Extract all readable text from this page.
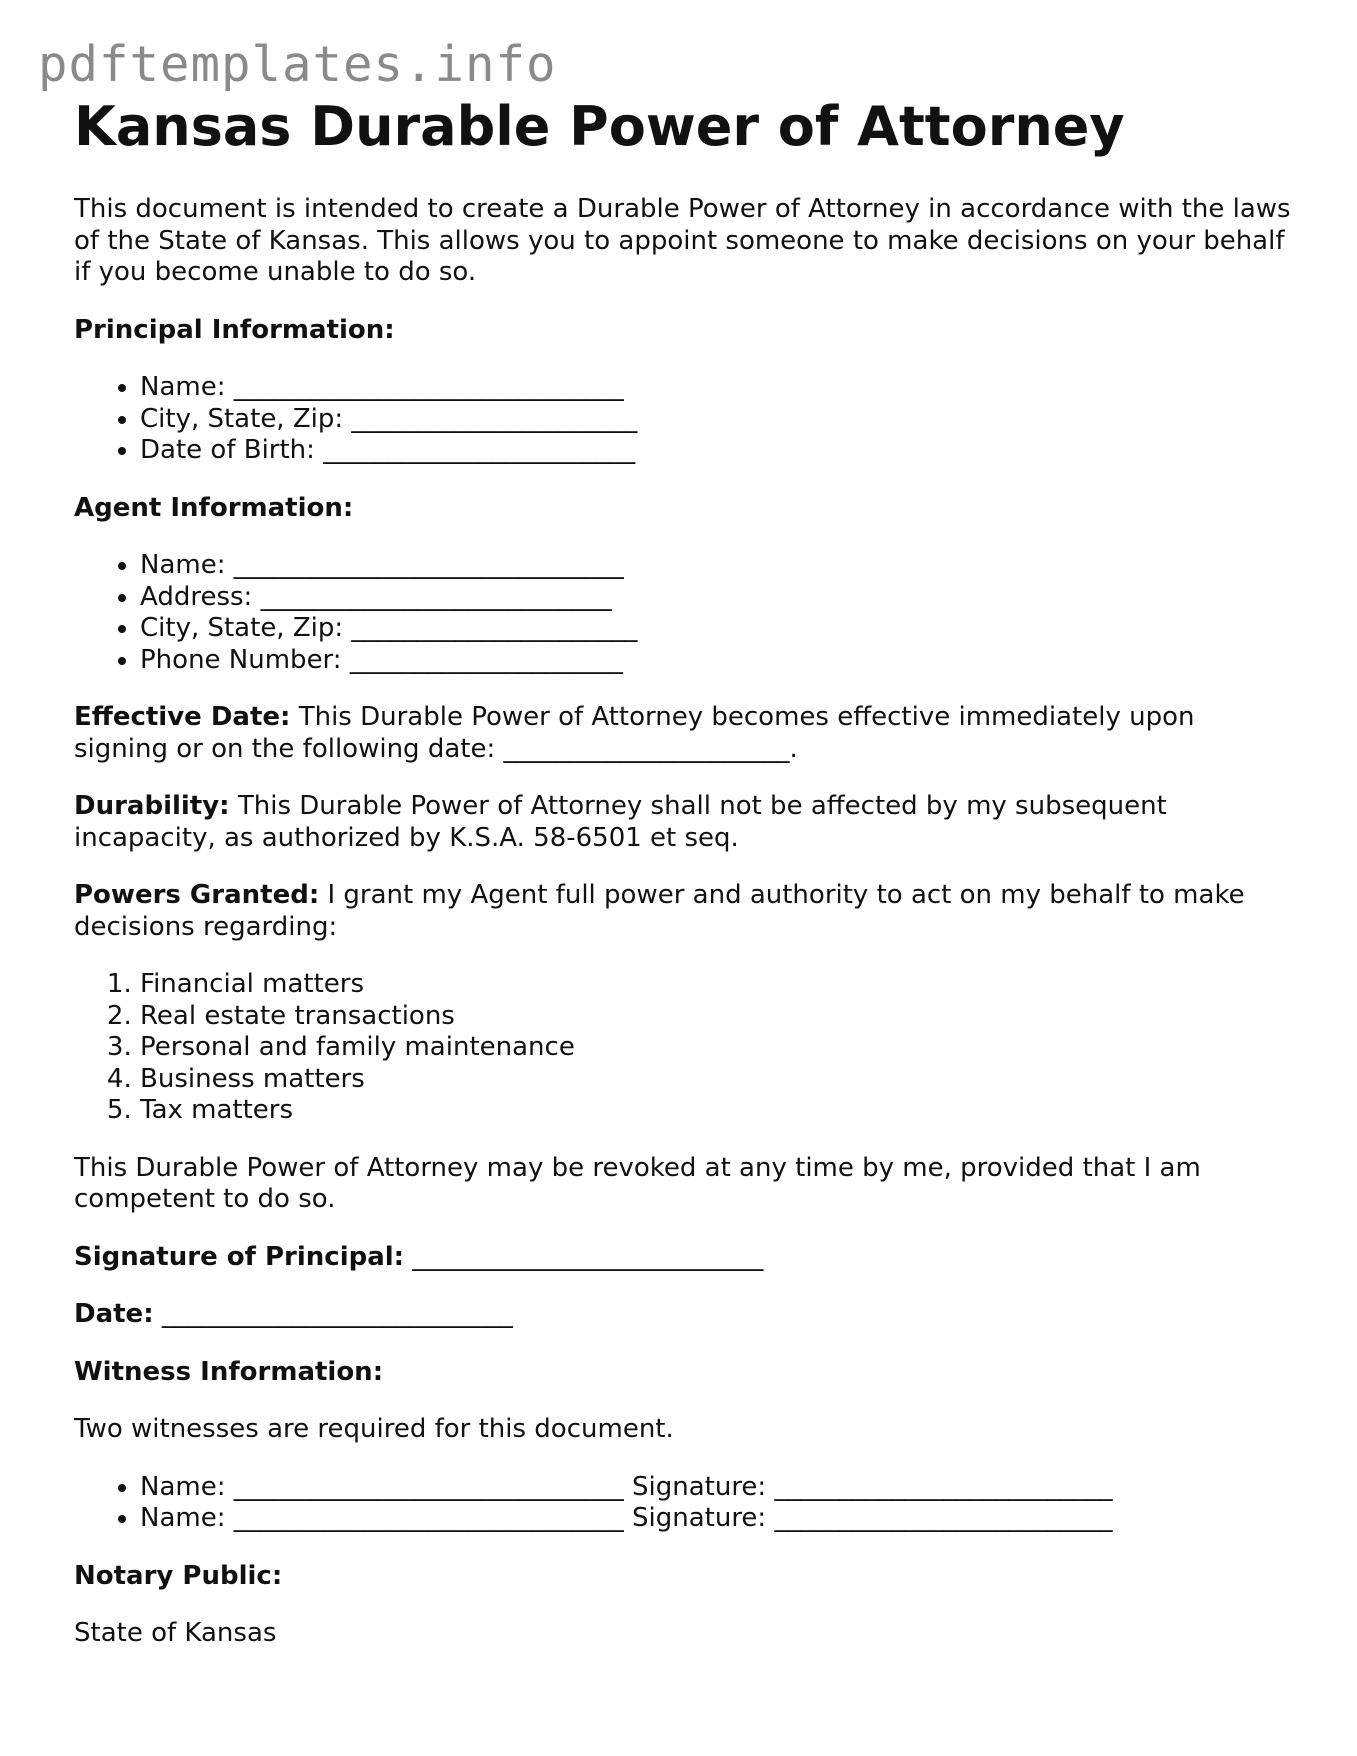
pdftemplates.info
Kansas Durable Power of Attorney

This document is intended to create a Durable Power of Attorney in accordance with the laws of the State of Kansas. This allows you to appoint someone to make decisions on your behalf if you become unable to do so.

Principal Information:

• Name: ______________________________
• City, State, Zip: ______________________
• Date of Birth: ________________________

Agent Information:

• Name: ______________________________
• Address: ___________________________
• City, State, Zip: ______________________
• Phone Number: _____________________

Effective Date: This Durable Power of Attorney becomes effective immediately upon signing or on the following date: ______________________.

Durability: This Durable Power of Attorney shall not be affected by my subsequent incapacity, as authorized by K.S.A. 58-6501 et seq.

Powers Granted: I grant my Agent full power and authority to act on my behalf to make decisions regarding:

1. Financial matters
2. Real estate transactions
3. Personal and family maintenance
4. Business matters
5. Tax matters

This Durable Power of Attorney may be revoked at any time by me, provided that I am competent to do so.

Signature of Principal: ___________________________

Date: ___________________________

Witness Information:

Two witnesses are required for this document.

• Name: ______________________________ Signature: __________________________
• Name: ______________________________ Signature: __________________________

Notary Public:

State of Kansas
